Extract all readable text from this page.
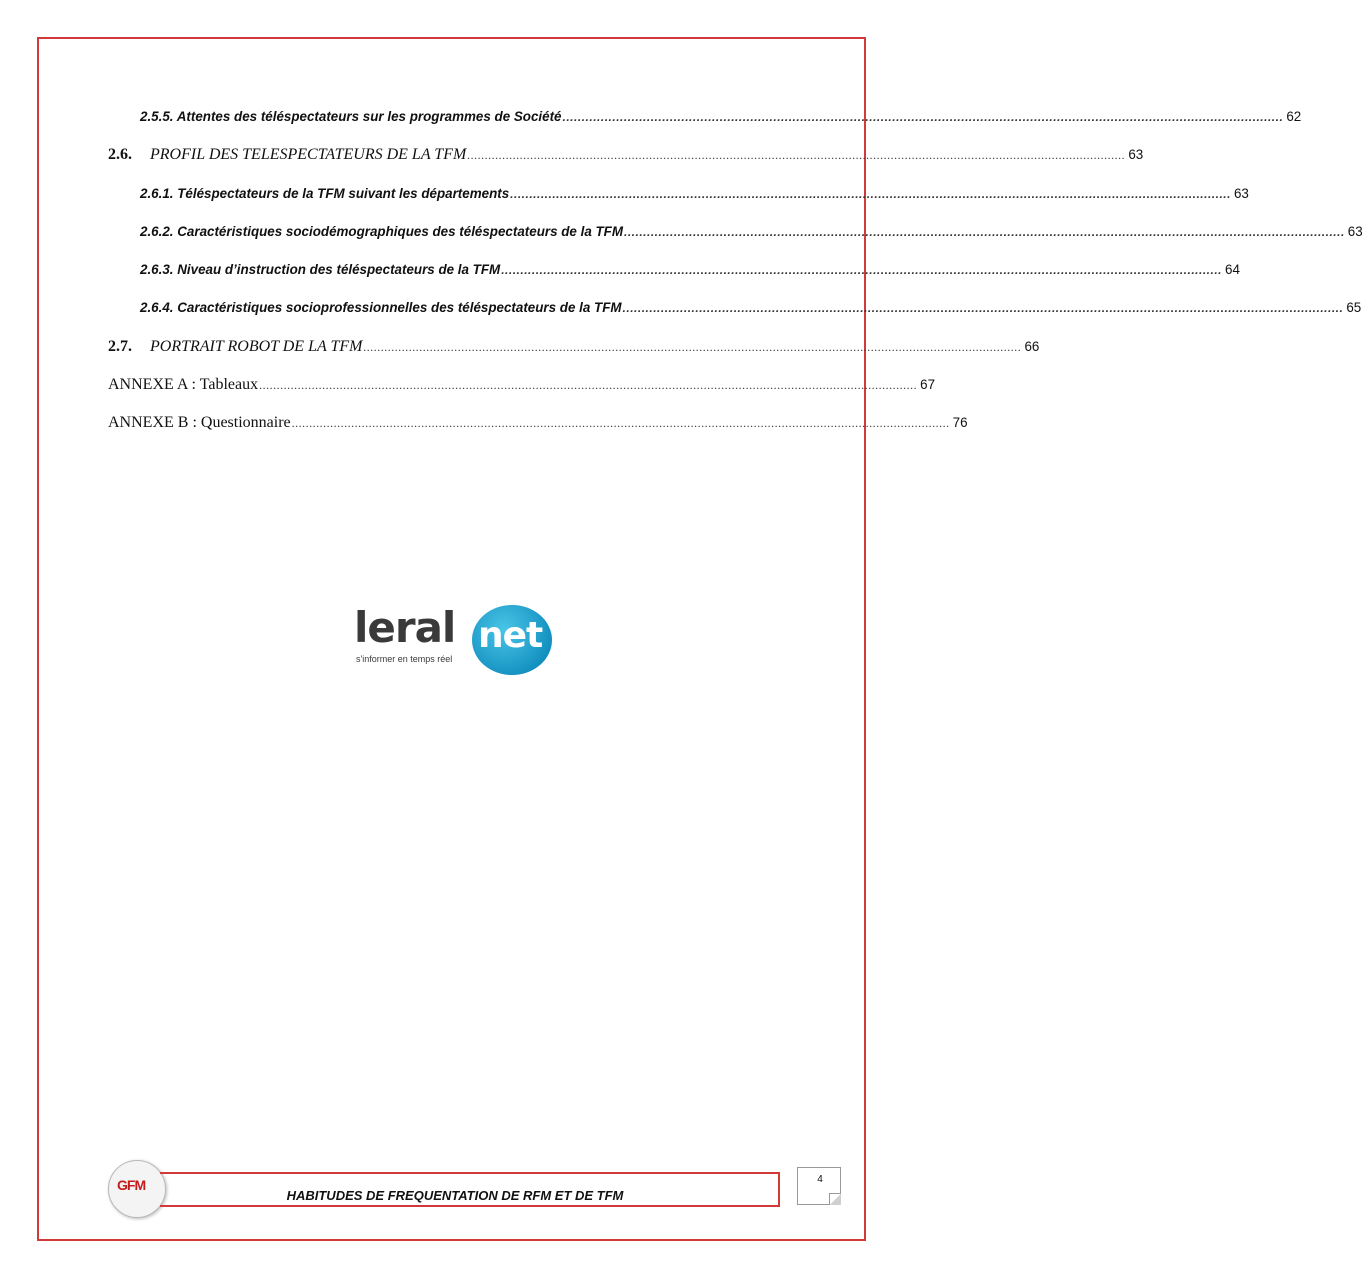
2.5.5. Attentes des téléspectateurs sur les programmes de Société ............................................................................................................................................................................................ 62
2.6. PROFIL DES TELESPECTATEURS DE LA TFM ............................................................................................................................................................................................ 63
2.6.1. Téléspectateurs de la TFM suivant les départements ............................................................................................................................................................................................ 63
2.6.2. Caractéristiques sociodémographiques des téléspectateurs de la TFM ............................................................................................................................................................................................ 63
2.6.3. Niveau d’instruction des téléspectateurs de la TFM ............................................................................................................................................................................................ 64
2.6.4. Caractéristiques socioprofessionnelles des téléspectateurs de la TFM ............................................................................................................................................................................................ 65
2.7. PORTRAIT ROBOT DE LA TFM ............................................................................................................................................................................................ 66
ANNEXE A : Tableaux ............................................................................................................................................................................................ 67
ANNEXE B : Questionnaire ............................................................................................................................................................................................ 76
leral net
s'informer en temps réel
GFM
HABITUDES DE FREQUENTATION DE RFM ET DE TFM
4
